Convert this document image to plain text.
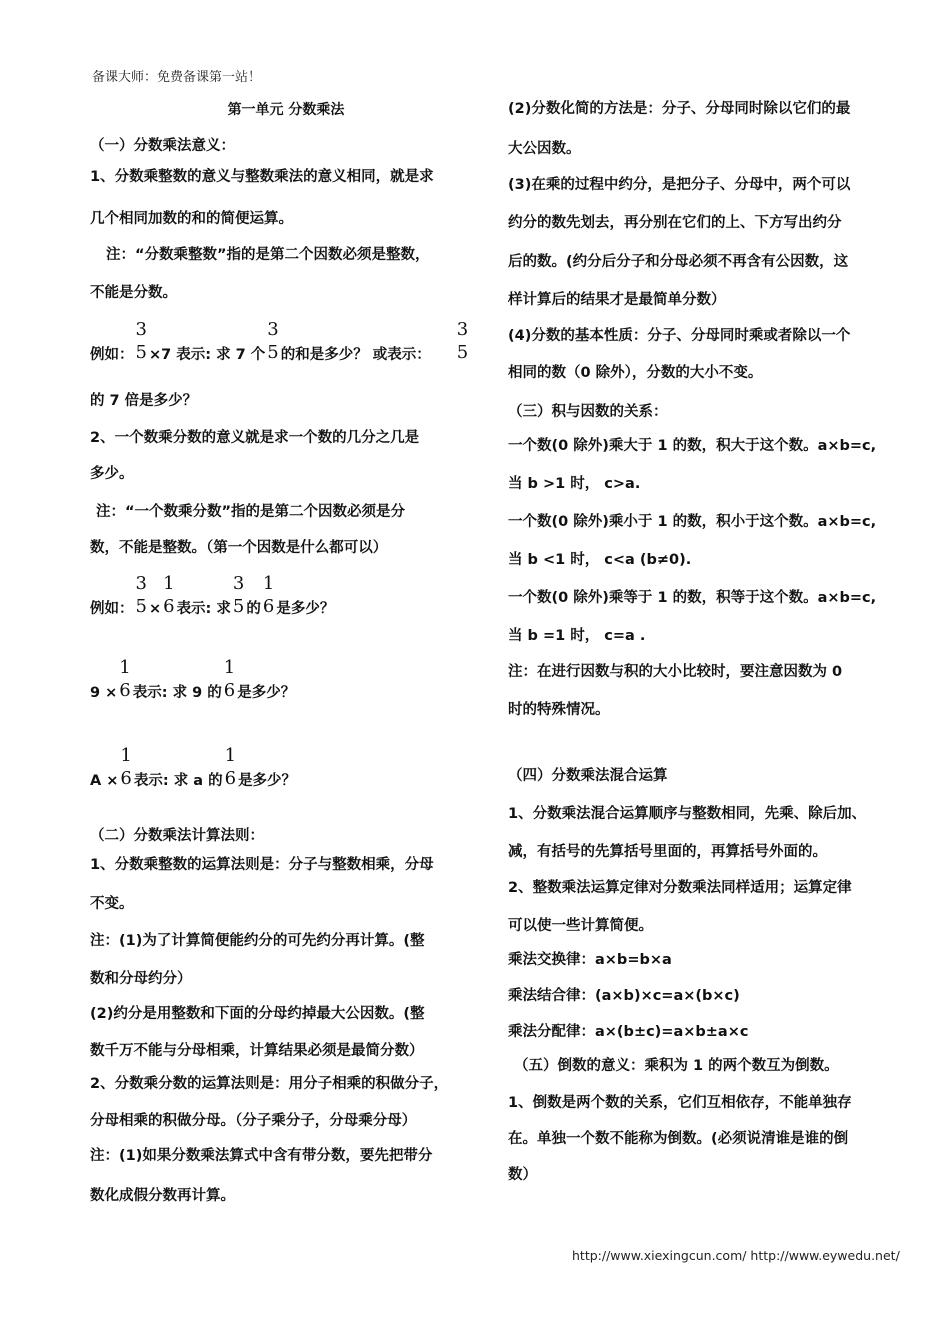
备课大师：免费备课第一站！
第一单元 分数乘法
（一）分数乘法意义：
1、分数乘整数的意义与整数乘法的意义相同，就是求
几个相同加数的和的简便运算。
注：“分数乘整数”指的是第二个因数必须是整数，
不能是分数。
例如：
3
5 ×7 表示: 求 7 个
3
5 的和是多少？ 或表示：
3
5
的 7 倍是多少？
2、一个数乘分数的意义就是求一个数的几分之几是
多少。
注：“一个数乘分数”指的是第二个因数必须是分
数，不能是整数。（第一个因数是什么都可以）
例如：
3
5 ×
1
6 表示: 求
3
5 的
1
6 是多少？
9 ×
1
6 表示: 求 9 的
1
6 是多少？
A ×
1
6 表示: 求 a 的
1
6 是多少？
（二）分数乘法计算法则：
1、分数乘整数的运算法则是：分子与整数相乘，分母
不变。
注：(1)为了计算简便能约分的可先约分再计算。(整
数和分母约分）
(2)约分是用整数和下面的分母约掉最大公因数。(整
数千万不能与分母相乘，计算结果必须是最简分数）
2、分数乘分数的运算法则是：用分子相乘的积做分子，
分母相乘的积做分母。（分子乘分子，分母乘分母）
注：(1)如果分数乘法算式中含有带分数，要先把带分
数化成假分数再计算。
(2)分数化简的方法是：分子、分母同时除以它们的最
大公因数。
(3)在乘的过程中约分，是把分子、分母中，两个可以
约分的数先划去，再分别在它们的上、下方写出约分
后的数。(约分后分子和分母必须不再含有公因数，这
样计算后的结果才是最简单分数）
(4)分数的基本性质：分子、分母同时乘或者除以一个
相同的数（0 除外），分数的大小不变。
（三）积与因数的关系：
一个数(0 除外)乘大于 1 的数，积大于这个数。a×b=c,
当 b >1 时， c>a.
一个数(0 除外)乘小于 1 的数，积小于这个数。a×b=c,
当 b <1 时， c<a (b≠0).
一个数(0 除外)乘等于 1 的数，积等于这个数。a×b=c,
当 b =1 时， c=a .
注：在进行因数与积的大小比较时，要注意因数为 0
时的特殊情况。
（四）分数乘法混合运算
1、分数乘法混合运算顺序与整数相同，先乘、除后加、
减，有括号的先算括号里面的，再算括号外面的。
2、整数乘法运算定律对分数乘法同样适用；运算定律
可以使一些计算简便。
乘法交换律：a×b=b×a
乘法结合律：(a×b)×c=a×(b×c)
乘法分配律：a×(b±c)=a×b±a×c
（五）倒数的意义：乘积为 1 的两个数互为倒数。
1、倒数是两个数的关系，它们互相依存，不能单独存
在。单独一个数不能称为倒数。(必须说清谁是谁的倒
数）
http://www.xiexingcun.com/ http://www.eywedu.net/
